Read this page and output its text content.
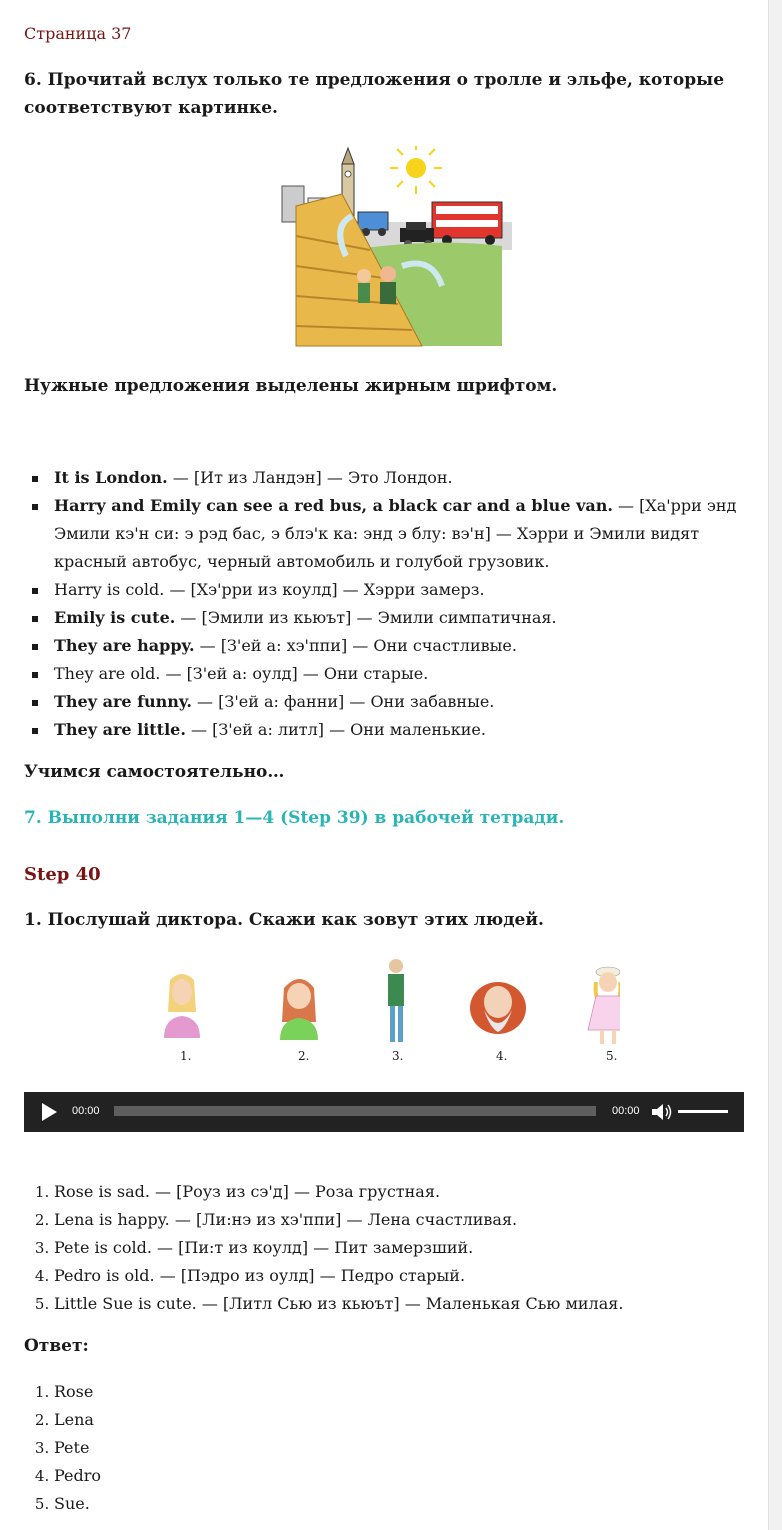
Страница 37
6. Прочитай вслух только те предложения о тролле и эльфе, которые соответствуют картинке.
Нужные предложения выделены жирным шрифтом.
It is London. — [Ит из Ландэн] — Это Лондон.
Harry and Emily can see a red bus, a black car and a blue van. — [Ха'рри энд Эмили кэ'н си: э рэд бас, э блэ'к ка: энд э блу: вэ'н] — Хэрри и Эмили видят красный автобус, черный автомобиль и голубой грузовик.
Harry is cold. — [Хэ'рри из коулд] — Хэрри замерз.
Emily is cute. — [Эмили из кьюът] — Эмили симпатичная.
They are happy. — [З'ей а: хэ'ппи] — Они счастливые.
They are old. — [З'ей а: оулд] — Они старые.
They are funny. — [З'ей а: фанни] — Они забавные.
They are little. — [З'ей а: литл] — Они маленькие.
Учимся самостоятельно…
7. Выполни задания 1—4 (Step 39) в рабочей тетради.
Step 40
1. Послушай диктора. Скажи как зовут этих людей.
1.	2.	3.	4.	5.
00:00	00:00
1. Rose is sad. — [Роуз из сэ'д] — Роза грустная.
2. Lena is happy. — [Ли:нэ из хэ'ппи] — Лена счастливая.
3. Pete is cold. — [Пи:т из коулд] — Пит замерзший.
4. Pedro is old. — [Пэдро из оулд] — Педро старый.
5. Little Sue is cute. — [Литл Сью из кьюът] — Маленькая Сью милая.
Ответ:
1. Rose
2. Lena
3. Pete
4. Pedro
5. Sue.
